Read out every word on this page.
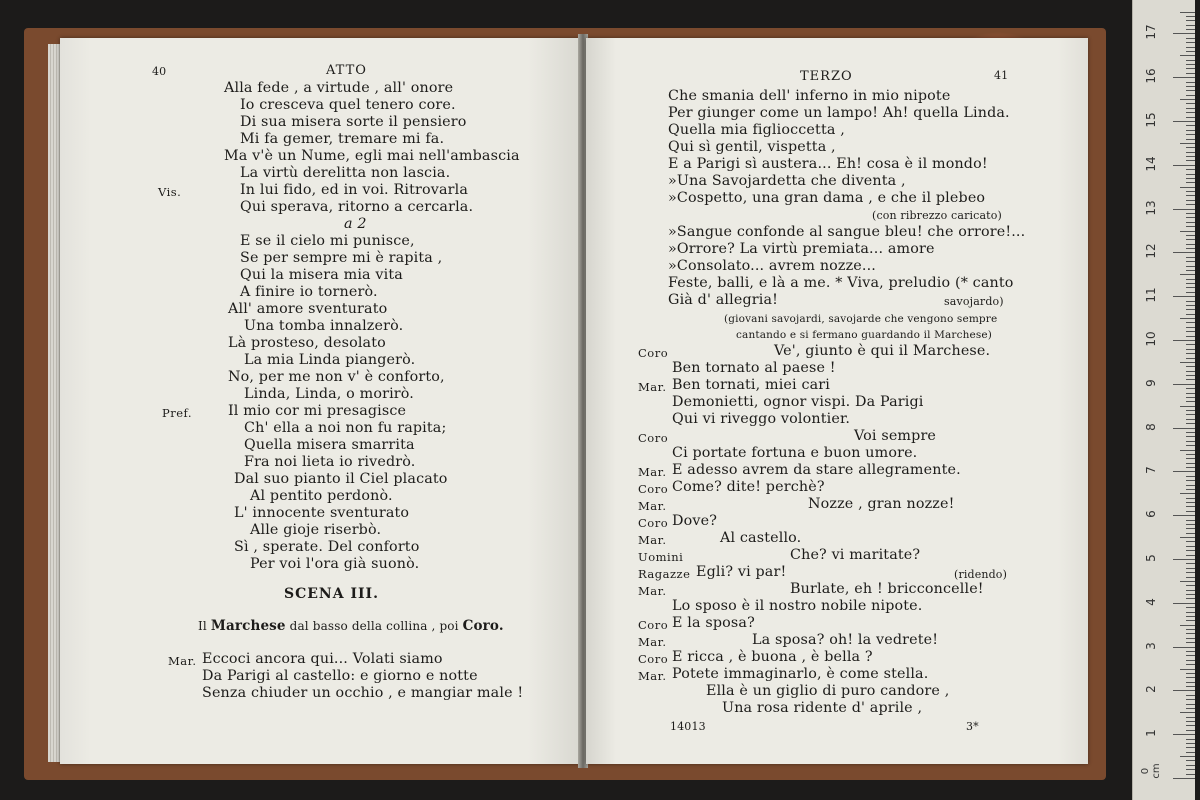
40	ATTO
Alla fede , a virtude , all' onore
Io cresceva quel tenero core.
Di sua misera sorte il pensiero
Mi fa gemer, tremare mi fa.
Ma v'è un Nume, egli mai nell'ambascia
La virtù derelitta non lascia.
Vis.	In lui fido, ed in voi. Ritrovarla
Qui sperava, ritorno a cercarla.
a 2
E se il cielo mi punisce,
Se per sempre mi è rapita ,
Qui la misera mia vita
A finire io tornerò.
All' amore sventurato
Una tomba innalzerò.
Là prosteso, desolato
La mia Linda piangerò.
No, per me non v' è conforto,
Linda, Linda, o morirò.
Pref.	Il mio cor mi presagisce
Ch' ella a noi non fu rapita;
Quella misera smarrita
Fra noi lieta io rivedrò.
Dal suo pianto il Ciel placato
Al pentito perdonò.
L' innocente sventurato
Alle gioje riserbò.
Sì , sperate. Del conforto
Per voi l'ora già suonò.
SCENA III.
Il Marchese dal basso della collina , poi Coro.
Mar. Eccoci ancora qui... Volati siamo
Da Parigi al castello: e giorno e notte
Senza chiuder un occhio , e mangiar male !
TERZO	41
Che smania dell' inferno in mio nipote
Per giunger come un lampo! Ah! quella Linda.
Quella mia figlioccetta ,
Qui sì gentil, vispetta ,
E a Parigi sì austera... Eh! cosa è il mondo!
»Una Savojardetta che diventa ,
»Cospetto, una gran dama , e che il plebeo
(con ribrezzo caricato)
»Sangue confonde al sangue bleu! che orrore!...
»Orrore? La virtù premiata... amore
»Consolato... avrem nozze...
Feste, balli, e là a me. * Viva, preludio (* canto
Già d' allegria!	savojardo)
(giovani savojardi, savojarde che vengono sempre
cantando e si fermano guardando il Marchese)
Coro	Ve', giunto è qui il Marchese.
Ben tornato al paese !
Mar. Ben tornati, miei cari
Demonietti, ognor vispi. Da Parigi
Qui vi riveggo volontier.
Coro	Voi sempre
Ci portate fortuna e buon umore.
Mar. E adesso avrem da stare allegramente.
Coro Come? dite! perchè?
Mar.	Nozze , gran nozze!
Coro Dove?
Mar.	Al castello.
Uomini	Che? vi maritate?
Ragazze Egli? vi par!	(ridendo)
Mar.	Burlate, eh ! bricconcelle!
Lo sposo è il nostro nobile nipote.
Coro E la sposa?
Mar.	La sposa? oh! la vedrete!
Coro E ricca , è buona , è bella ?
Mar. Potete immaginarlo, è come stella.
Ella è un giglio di puro candore ,
Una rosa ridente d' aprile ,
14013	3*
0 cm
1
2
3
4
5
6
7
8
9
10
11
12
13
14
15
16
17
